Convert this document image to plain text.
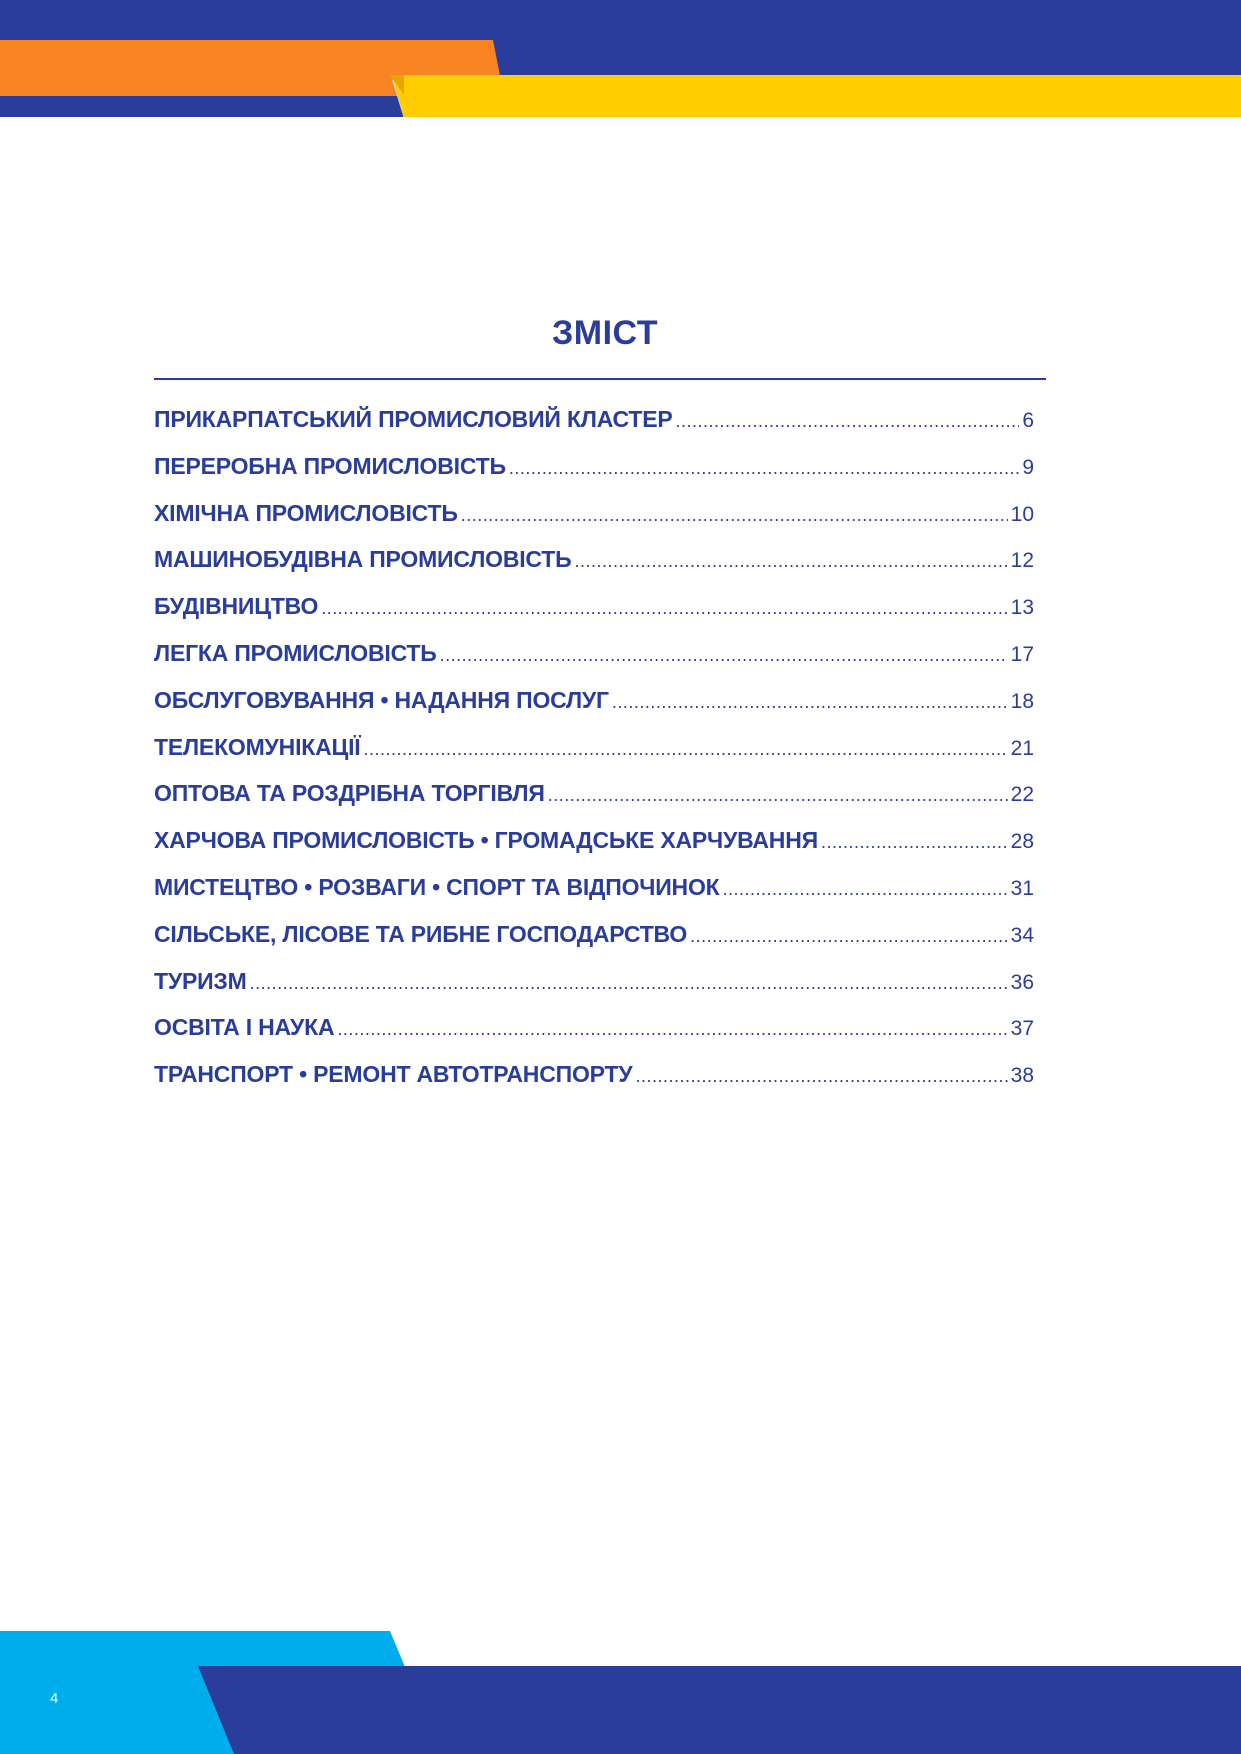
ЗМІСТ
ПРИКАРПАТСЬКИЙ ПРОМИСЛОВИЙ КЛАСТЕР .....	6
ПЕРЕРОБНА ПРОМИСЛОВІСТЬ .....	9
ХІМІЧНА ПРОМИСЛОВІСТЬ .....	10
МАШИНОБУДІВНА ПРОМИСЛОВІСТЬ .....	12
БУДІВНИЦТВО .....	13
ЛЕГКА ПРОМИСЛОВІСТЬ .....	17
ОБСЛУГОВУВАННЯ • НАДАННЯ ПОСЛУГ .....	18
ТЕЛЕКОМУНІКАЦІЇ .....	21
ОПТОВА ТА РОЗДРІБНА ТОРГІВЛЯ .....	22
ХАРЧОВА ПРОМИСЛОВІСТЬ • ГРОМАДСЬКЕ ХАРЧУВАННЯ .....	28
МИСТЕЦТВО • РОЗВАГИ • СПОРТ ТА ВІДПОЧИНОК .....	31
СІЛЬСЬКЕ, ЛІСОВЕ ТА РИБНЕ ГОСПОДАРСТВО .....	34
ТУРИЗМ .....	36
ОСВІТА І НАУКА .....	37
ТРАНСПОРТ • РЕМОНТ АВТОТРАНСПОРТУ .....	38
4
